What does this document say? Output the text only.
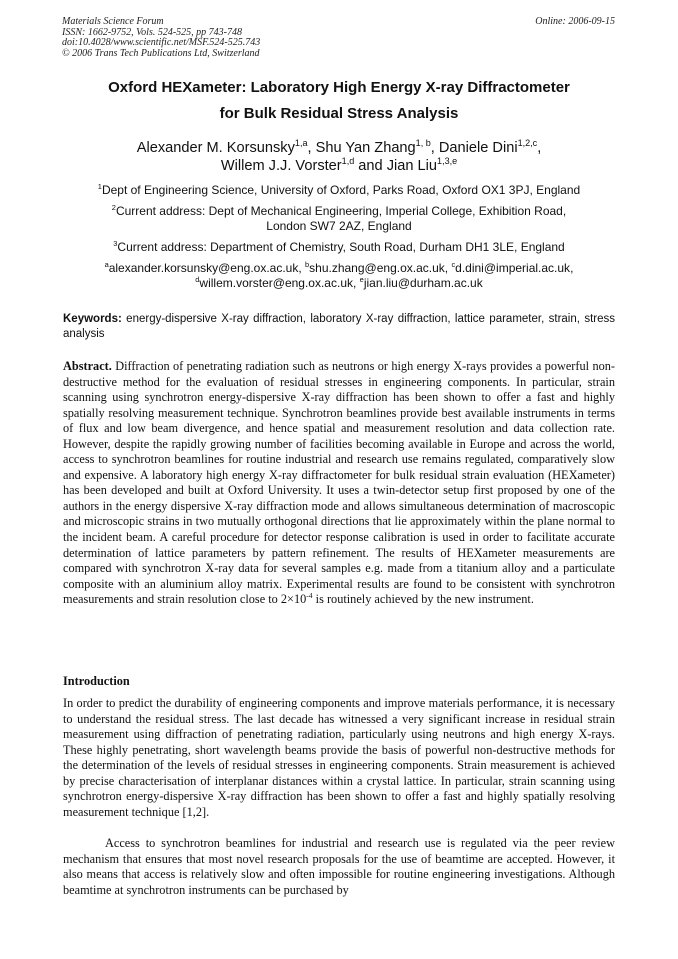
Materials Science Forum
ISSN: 1662-9752, Vols. 524-525, pp 743-748
doi:10.4028/www.scientific.net/MSF.524-525.743
© 2006 Trans Tech Publications Ltd, Switzerland
Online: 2006-09-15
Oxford HEXameter: Laboratory High Energy X-ray Diffractometer
for Bulk Residual Stress Analysis
Alexander M. Korsunsky$^{1,a}$, Shu Yan Zhang$^{1, b}$, Daniele Dini$^{1,2,c}$,
Willem J.J. Vorster$^{1,d}$ and Jian Liu$^{1,3,e}$
$^1$Dept of Engineering Science, University of Oxford, Parks Road, Oxford OX1 3PJ, England
$^2$Current address: Dept of Mechanical Engineering, Imperial College, Exhibition Road,
London SW7 2AZ, England
$^3$Current address: Department of Chemistry, South Road, Durham DH1 3LE, England
$^a$alexander.korsunsky@eng.ox.ac.uk, $^b$shu.zhang@eng.ox.ac.uk, $^c$d.dini@imperial.ac.uk,
$^d$willem.vorster@eng.ox.ac.uk, $^e$jian.liu@durham.ac.uk
Keywords: energy-dispersive X-ray diffraction, laboratory X-ray diffraction, lattice parameter, strain, stress analysis
Abstract. Diffraction of penetrating radiation such as neutrons or high energy X-rays provides a powerful non-destructive method for the evaluation of residual stresses in engineering components. In particular, strain scanning using synchrotron energy-dispersive X-ray diffraction has been shown to offer a fast and highly spatially resolving measurement technique. Synchrotron beamlines provide best available instruments in terms of flux and low beam divergence, and hence spatial and measurement resolution and data collection rate. However, despite the rapidly growing number of facilities becoming available in Europe and across the world, access to synchrotron beamlines for routine industrial and research use remains regulated, comparatively slow and expensive. A laboratory high energy X-ray diffractometer for bulk residual strain evaluation (HEXameter) has been developed and built at Oxford University. It uses a twin-detector setup first proposed by one of the authors in the energy dispersive X-ray diffraction mode and allows simultaneous determination of macroscopic and microscopic strains in two mutually orthogonal directions that lie approximately within the plane normal to the incident beam. A careful procedure for detector response calibration is used in order to facilitate accurate determination of lattice parameters by pattern refinement. The results of HEXameter measurements are compared with synchrotron X-ray data for several samples e.g. made from a titanium alloy and a particulate composite with an aluminium alloy matrix. Experimental results are found to be consistent with synchrotron measurements and strain resolution close to $2\times 10^{-4}$ is routinely achieved by the new instrument.
Introduction
In order to predict the durability of engineering components and improve materials performance, it is necessary to understand the residual stress. The last decade has witnessed a very significant increase in residual strain measurement using diffraction of penetrating radiation, particularly using neutrons and high energy X-rays. These highly penetrating, short wavelength beams provide the basis of powerful non-destructive methods for the determination of the levels of residual stresses in engineering components. Strain measurement is achieved by precise characterisation of interplanar distances within a crystal lattice. In particular, strain scanning using synchrotron energy-dispersive X-ray diffraction has been shown to offer a fast and highly spatially resolving measurement technique [1,2].
Access to synchrotron beamlines for industrial and research use is regulated via the peer review mechanism that ensures that most novel research proposals for the use of beamtime are accepted. However, it also means that access is relatively slow and often impossible for routine engineering investigations. Although beamtime at synchrotron instruments can be purchased by
